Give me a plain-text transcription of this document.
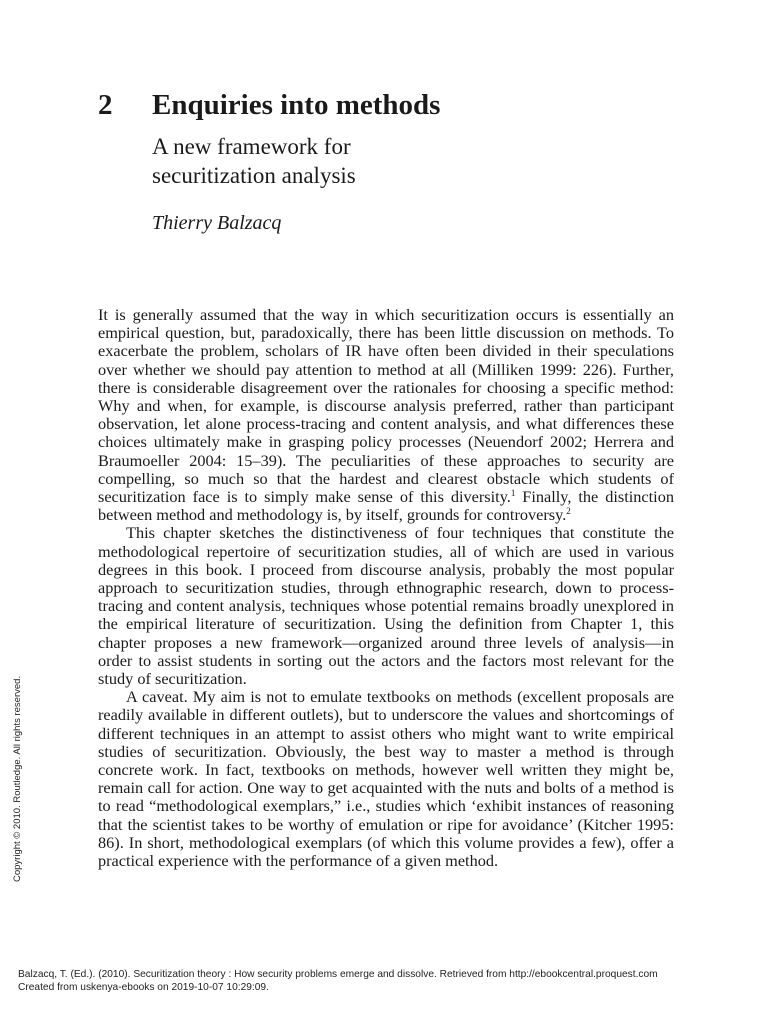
2	Enquiries into methods
A new framework for securitization analysis
Thierry Balzacq

It is generally assumed that the way in which securitization occurs is essentially an empirical question, but, paradoxically, there has been little discussion on methods. To exacerbate the problem, scholars of IR have often been divided in their speculations over whether we should pay attention to method at all (Milliken 1999: 226). Further, there is considerable disagreement over the rationales for choosing a specific method: Why and when, for example, is discourse analysis preferred, rather than participant observation, let alone process-tracing and content analysis, and what differences these choices ultimately make in grasping policy processes (Neuendorf 2002; Herrera and Braumoeller 2004: 15–39). The peculiarities of these approaches to security are compelling, so much so that the hardest and clearest obstacle which students of securitization face is to simply make sense of this diversity.$^1$ Finally, the distinction between method and methodology is, by itself, grounds for controversy.$^2$

This chapter sketches the distinctiveness of four techniques that constitute the methodological repertoire of securitization studies, all of which are used in various degrees in this book. I proceed from discourse analysis, probably the most popular approach to securitization studies, through ethnographic research, down to process-tracing and content analysis, techniques whose potential remains broadly unexplored in the empirical literature of securitization. Using the definition from Chapter 1, this chapter proposes a new framework—organized around three levels of analysis—in order to assist students in sorting out the actors and the factors most relevant for the study of securitization.

A caveat. My aim is not to emulate textbooks on methods (excellent proposals are readily available in different outlets), but to underscore the values and shortcomings of different techniques in an attempt to assist others who might want to write empirical studies of securitization. Obviously, the best way to master a method is through concrete work. In fact, textbooks on methods, however well written they might be, remain call for action. One way to get acquainted with the nuts and bolts of a method is to read “methodological exemplars,” i.e., studies which ‘exhibit instances of reasoning that the scientist takes to be worthy of emulation or ripe for avoidance’ (Kitcher 1995: 86). In short, methodological exemplars (of which this volume provides a few), offer a practical experience with the performance of a given method.

Copyright © 2010. Routledge. All rights reserved.
Balzacq, T. (Ed.). (2010). Securitization theory : How security problems emerge and dissolve. Retrieved from http://ebookcentral.proquest.com
Created from uskenya-ebooks on 2019-10-07 10:29:09.
